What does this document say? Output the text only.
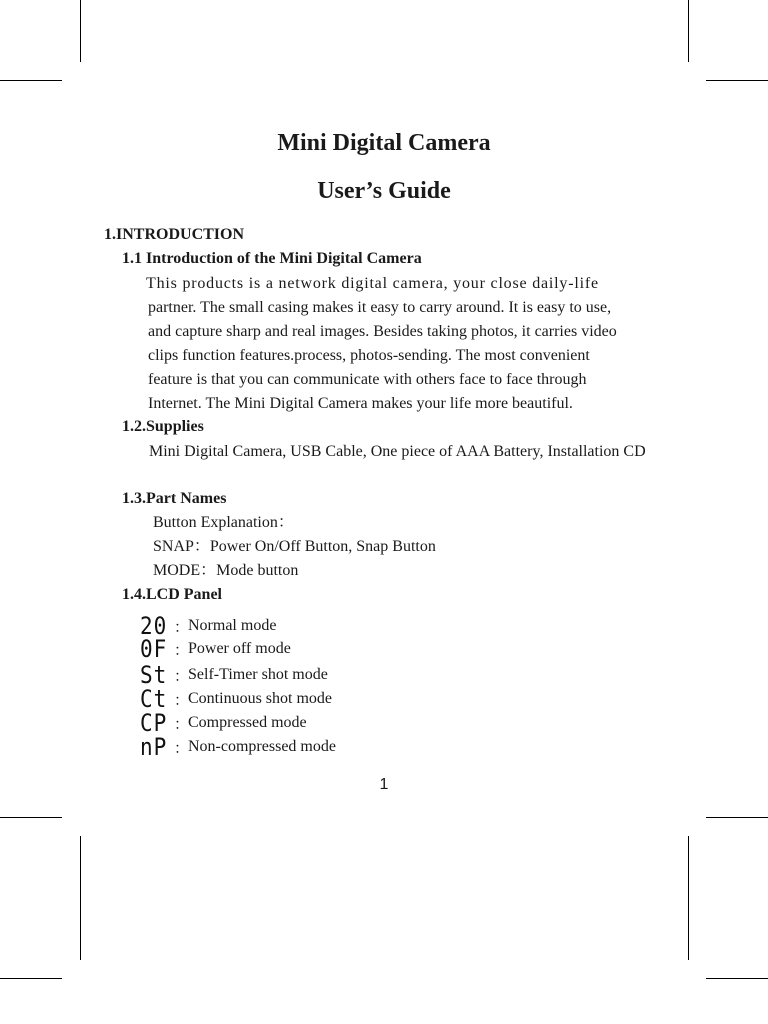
Mini Digital Camera
User’s Guide
1.INTRODUCTION
1.1 Introduction of the Mini Digital Camera
This products is a network digital camera, your close daily-life
partner. The small casing makes it easy to carry around. It is easy to use,
and capture sharp and real images. Besides taking photos, it carries video
clips function features.process, photos-sending. The most convenient
feature is that you can communicate with others face to face through
Internet. The Mini Digital Camera makes your life more beautiful.
1.2.Supplies
Mini Digital Camera, USB Cable, One piece of AAA Battery, Installation CD
1.3.Part Names
Button Explanation：
SNAP：Power On/Off Button, Snap Button
MODE：Mode button
1.4.LCD Panel
20 ：
Normal mode
0F ：
Power off mode
St ：
Self-Timer shot mode
Ct ：
Continuous shot mode
CP ：
Compressed mode
nP ：
Non-compressed mode
1
